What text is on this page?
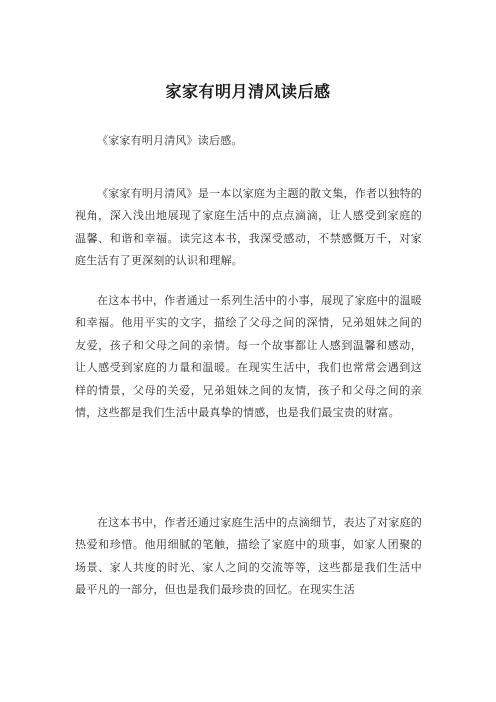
家家有明月清风读后感

《家家有明月清风》读后感。

《家家有明月清风》是一本以家庭为主题的散文集，作者以独特的视角，深入浅出地展现了家庭生活中的点点滴滴，让人感受到家庭的温馨、和谐和幸福。读完这本书，我深受感动，不禁感慨万千，对家庭生活有了更深刻的认识和理解。

在这本书中，作者通过一系列生活中的小事，展现了家庭中的温暖和幸福。他用平实的文字，描绘了父母之间的深情，兄弟姐妹之间的友爱，孩子和父母之间的亲情。每一个故事都让人感到温馨和感动，让人感受到家庭的力量和温暖。在现实生活中，我们也常常会遇到这样的情景，父母的关爱，兄弟姐妹之间的友情，孩子和父母之间的亲情，这些都是我们生活中最真挚的情感，也是我们最宝贵的财富。

在这本书中，作者还通过家庭生活中的点滴细节，表达了对家庭的热爱和珍惜。他用细腻的笔触，描绘了家庭中的琐事，如家人团聚的场景、家人共度的时光、家人之间的交流等等，这些都是我们生活中最平凡的一部分，但也是我们最珍贵的回忆。在现实生活
